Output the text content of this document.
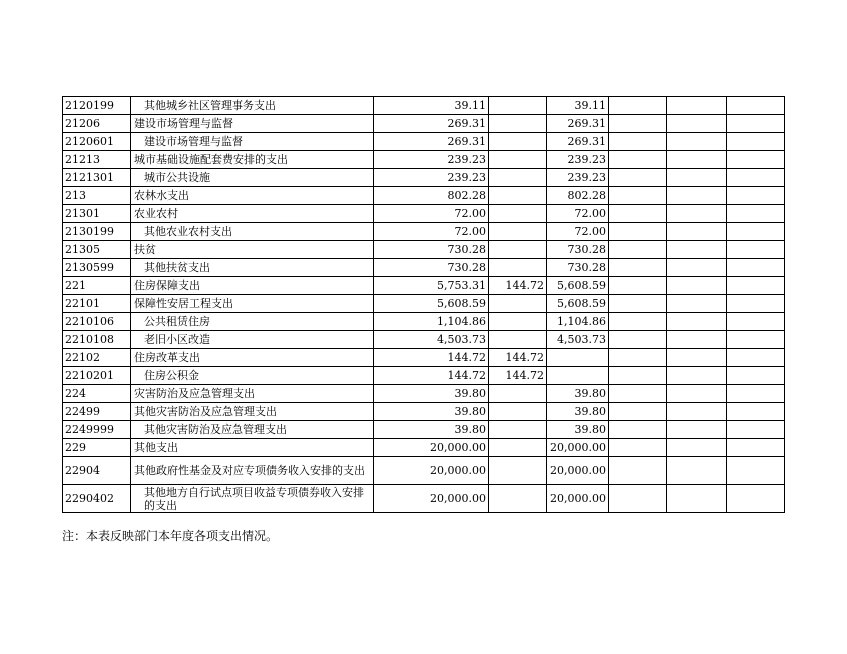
2120199	其他城乡社区管理事务支出	39.11		39.11			
21206	建设市场管理与监督	269.31		269.31			
2120601	建设市场管理与监督	269.31		269.31			
21213	城市基础设施配套费安排的支出	239.23		239.23			
2121301	城市公共设施	239.23		239.23			
213	农林水支出	802.28		802.28			
21301	农业农村	72.00		72.00			
2130199	其他农业农村支出	72.00		72.00			
21305	扶贫	730.28		730.28			
2130599	其他扶贫支出	730.28		730.28			
221	住房保障支出	5,753.31	144.72	5,608.59			
22101	保障性安居工程支出	5,608.59		5,608.59			
2210106	公共租赁住房	1,104.86		1,104.86			
2210108	老旧小区改造	4,503.73		4,503.73			
22102	住房改革支出	144.72	144.72				
2210201	住房公积金	144.72	144.72				
224	灾害防治及应急管理支出	39.80		39.80			
22499	其他灾害防治及应急管理支出	39.80		39.80			
2249999	其他灾害防治及应急管理支出	39.80		39.80			
229	其他支出	20,000.00		20,000.00			
22904	其他政府性基金及对应专项债务收入安排的支出	20,000.00		20,000.00			
2290402	其他地方自行试点项目收益专项债券收入安排的支出	20,000.00		20,000.00			
注：本表反映部门本年度各项支出情况。
